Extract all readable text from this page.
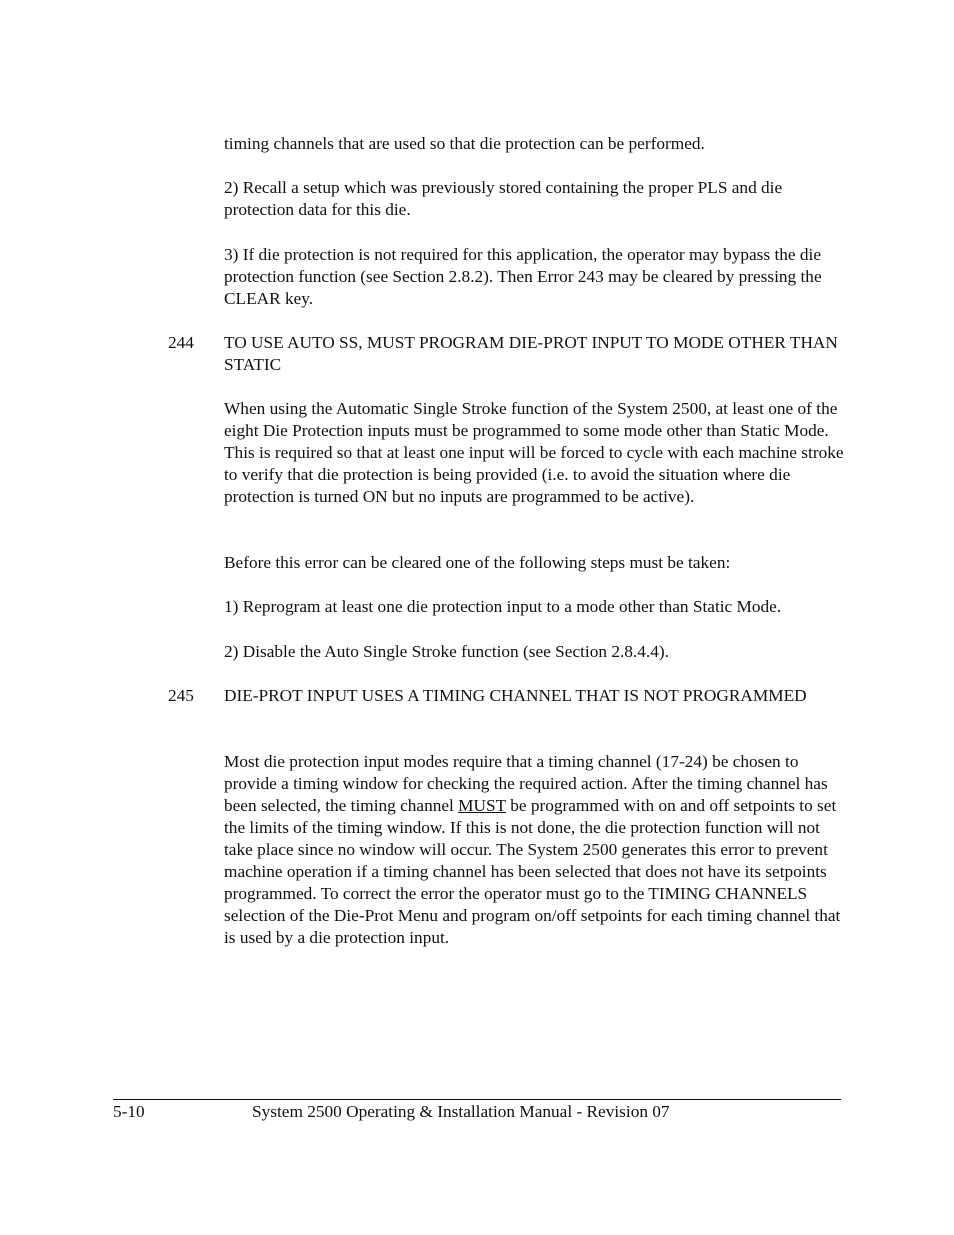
timing channels that are used so that die protection can be performed.

2) Recall a setup which was previously stored containing the proper PLS and die protection data for this die.

3) If die protection is not required for this application, the operator may bypass the die protection function (see Section 2.8.2). Then Error 243 may be cleared by pressing the CLEAR key.

244 TO USE AUTO SS, MUST PROGRAM DIE-PROT INPUT TO MODE OTHER THAN STATIC

When using the Automatic Single Stroke function of the System 2500, at least one of the eight Die Protection inputs must be programmed to some mode other than Static Mode. This is required so that at least one input will be forced to cycle with each machine stroke to verify that die protection is being provided (i.e. to avoid the situation where die protection is turned ON but no inputs are programmed to be active).

Before this error can be cleared one of the following steps must be taken:

1) Reprogram at least one die protection input to a mode other than Static Mode.

2) Disable the Auto Single Stroke function (see Section 2.8.4.4).

245 DIE-PROT INPUT USES A TIMING CHANNEL THAT IS NOT PROGRAMMED

Most die protection input modes require that a timing channel (17-24) be chosen to provide a timing window for checking the required action. After the timing channel has been selected, the timing channel MUST be programmed with on and off setpoints to set the limits of the timing window. If this is not done, the die protection function will not take place since no window will occur. The System 2500 generates this error to prevent machine operation if a timing channel has been selected that does not have its setpoints programmed. To correct the error the operator must go to the TIMING CHANNELS selection of the Die-Prot Menu and program on/off setpoints for each timing channel that is used by a die protection input.

5-10	System 2500 Operating & Installation Manual - Revision 07
